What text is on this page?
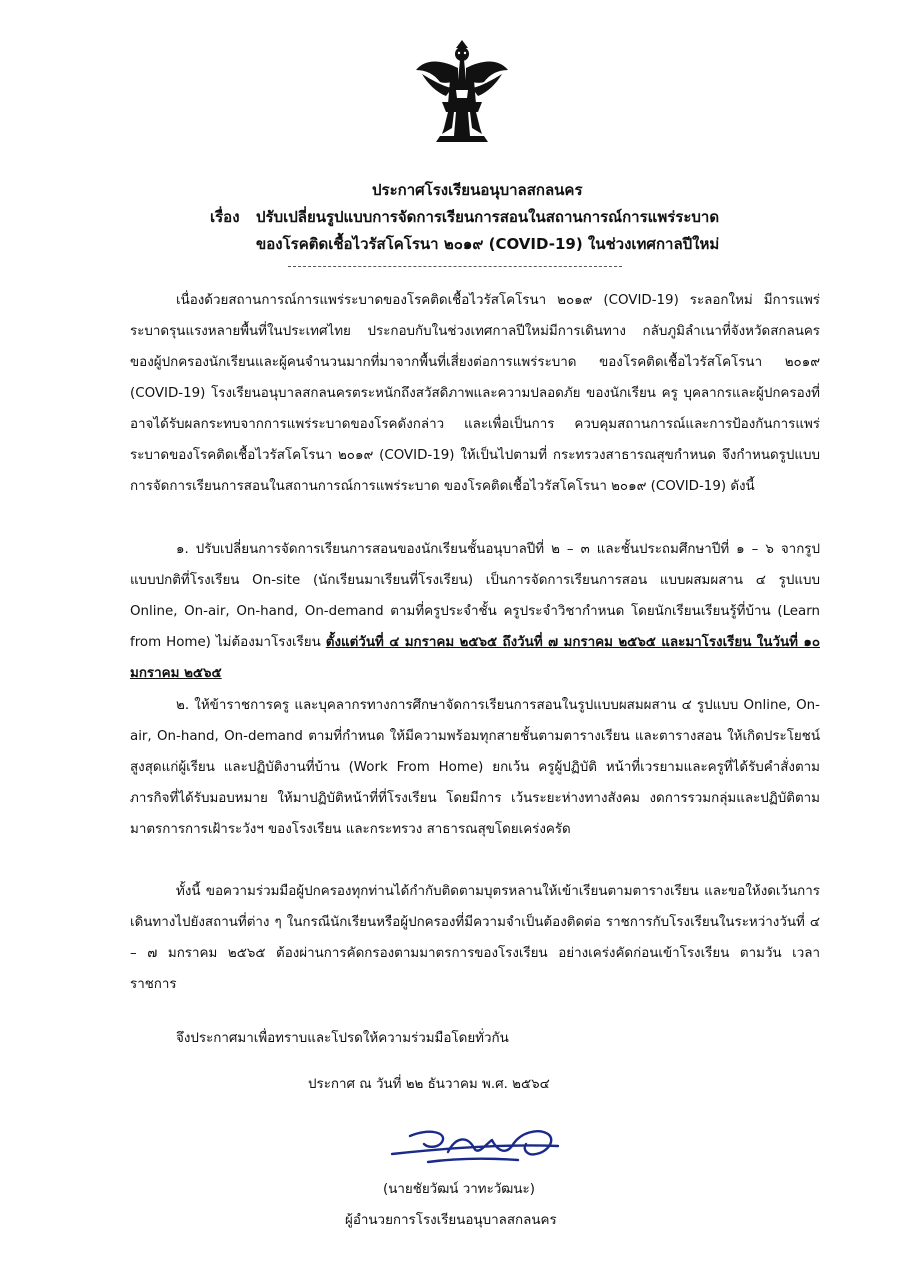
ประกาศโรงเรียนอนุบาลสกลนคร
เรื่อง ปรับเปลี่ยนรูปแบบการจัดการเรียนการสอนในสถานการณ์การแพร่ระบาด
ของโรคติดเชื้อไวรัสโคโรนา ๒๐๑๙ (COVID-19) ในช่วงเทศกาลปีใหม่

เนื่องด้วยสถานการณ์การแพร่ระบาดของโรคติดเชื้อไวรัสโคโรนา ๒๐๑๙ (COVID-19) ระลอกใหม่ มีการแพร่ระบาดรุนแรงหลายพื้นที่ในประเทศไทย ประกอบกับในช่วงเทศกาลปีใหม่มีการเดินทาง กลับภูมิลำเนาที่จังหวัดสกลนคร ของผู้ปกครองนักเรียนและผู้คนจำนวนมากที่มาจากพื้นที่เสี่ยงต่อการแพร่ระบาด ของโรคติดเชื้อไวรัสโคโรนา ๒๐๑๙ (COVID-19) โรงเรียนอนุบาลสกลนครตระหนักถึงสวัสดิภาพและความปลอดภัย ของนักเรียน ครู บุคลากรและผู้ปกครองที่อาจได้รับผลกระทบจากการแพร่ระบาดของโรคดังกล่าว และเพื่อเป็นการ ควบคุมสถานการณ์และการป้องกันการแพร่ระบาดของโรคติดเชื้อไวรัสโคโรนา ๒๐๑๙ (COVID-19) ให้เป็นไปตามที่ กระทรวงสาธารณสุขกำหนด จึงกำหนดรูปแบบการจัดการเรียนการสอนในสถานการณ์การแพร่ระบาด ของโรคติดเชื้อไวรัสโคโรนา ๒๐๑๙ (COVID-19) ดังนี้

๑. ปรับเปลี่ยนการจัดการเรียนการสอนของนักเรียนชั้นอนุบาลปีที่ ๒ – ๓ และชั้นประถมศึกษาปีที่ ๑ – ๖ จากรูปแบบปกติที่โรงเรียน On-site (นักเรียนมาเรียนที่โรงเรียน) เป็นการจัดการเรียนการสอน แบบผสมผสาน ๔ รูปแบบ Online, On-air, On-hand, On-demand ตามที่ครูประจำชั้น ครูประจำวิชากำหนด โดยนักเรียนเรียนรู้ที่บ้าน (Learn from Home) ไม่ต้องมาโรงเรียน ตั้งแต่วันที่ ๔ มกราคม ๒๕๖๕ ถึงวันที่ ๗ มกราคม ๒๕๖๕ และมาโรงเรียน ในวันที่ ๑๐ มกราคม ๒๕๖๕

๒. ให้ข้าราชการครู และบุคลากรทางการศึกษาจัดการเรียนการสอนในรูปแบบผสมผสาน ๔ รูปแบบ Online, On-air, On-hand, On-demand ตามที่กำหนด ให้มีความพร้อมทุกสายชั้นตามตารางเรียน และตารางสอน ให้เกิดประโยชน์สูงสุดแก่ผู้เรียน และปฏิบัติงานที่บ้าน (Work From Home) ยกเว้น ครูผู้ปฏิบัติ หน้าที่เวรยามและครูที่ได้รับคำสั่งตามภารกิจที่ได้รับมอบหมาย ให้มาปฏิบัติหน้าที่ที่โรงเรียน โดยมีการ เว้นระยะห่างทางสังคม งดการรวมกลุ่มและปฏิบัติตามมาตรการการเฝ้าระวังฯ ของโรงเรียน และกระทรวง สาธารณสุขโดยเคร่งครัด

ทั้งนี้ ขอความร่วมมือผู้ปกครองทุกท่านได้กำกับติดตามบุตรหลานให้เข้าเรียนตามตารางเรียน และขอให้งดเว้นการเดินทางไปยังสถานที่ต่าง ๆ ในกรณีนักเรียนหรือผู้ปกครองที่มีความจำเป็นต้องติดต่อ ราชการกับโรงเรียนในระหว่างวันที่ ๔ – ๗ มกราคม ๒๕๖๕ ต้องผ่านการคัดกรองตามมาตรการของโรงเรียน อย่างเคร่งคัดก่อนเข้าโรงเรียน ตามวัน เวลาราชการ

จึงประกาศมาเพื่อทราบและโปรดให้ความร่วมมือโดยทั่วกัน
ประกาศ ณ วันที่ ๒๒ ธันวาคม พ.ศ. ๒๕๖๔
(นายชัยวัฒน์ วาทะวัฒนะ)
ผู้อำนวยการโรงเรียนอนุบาลสกลนคร
